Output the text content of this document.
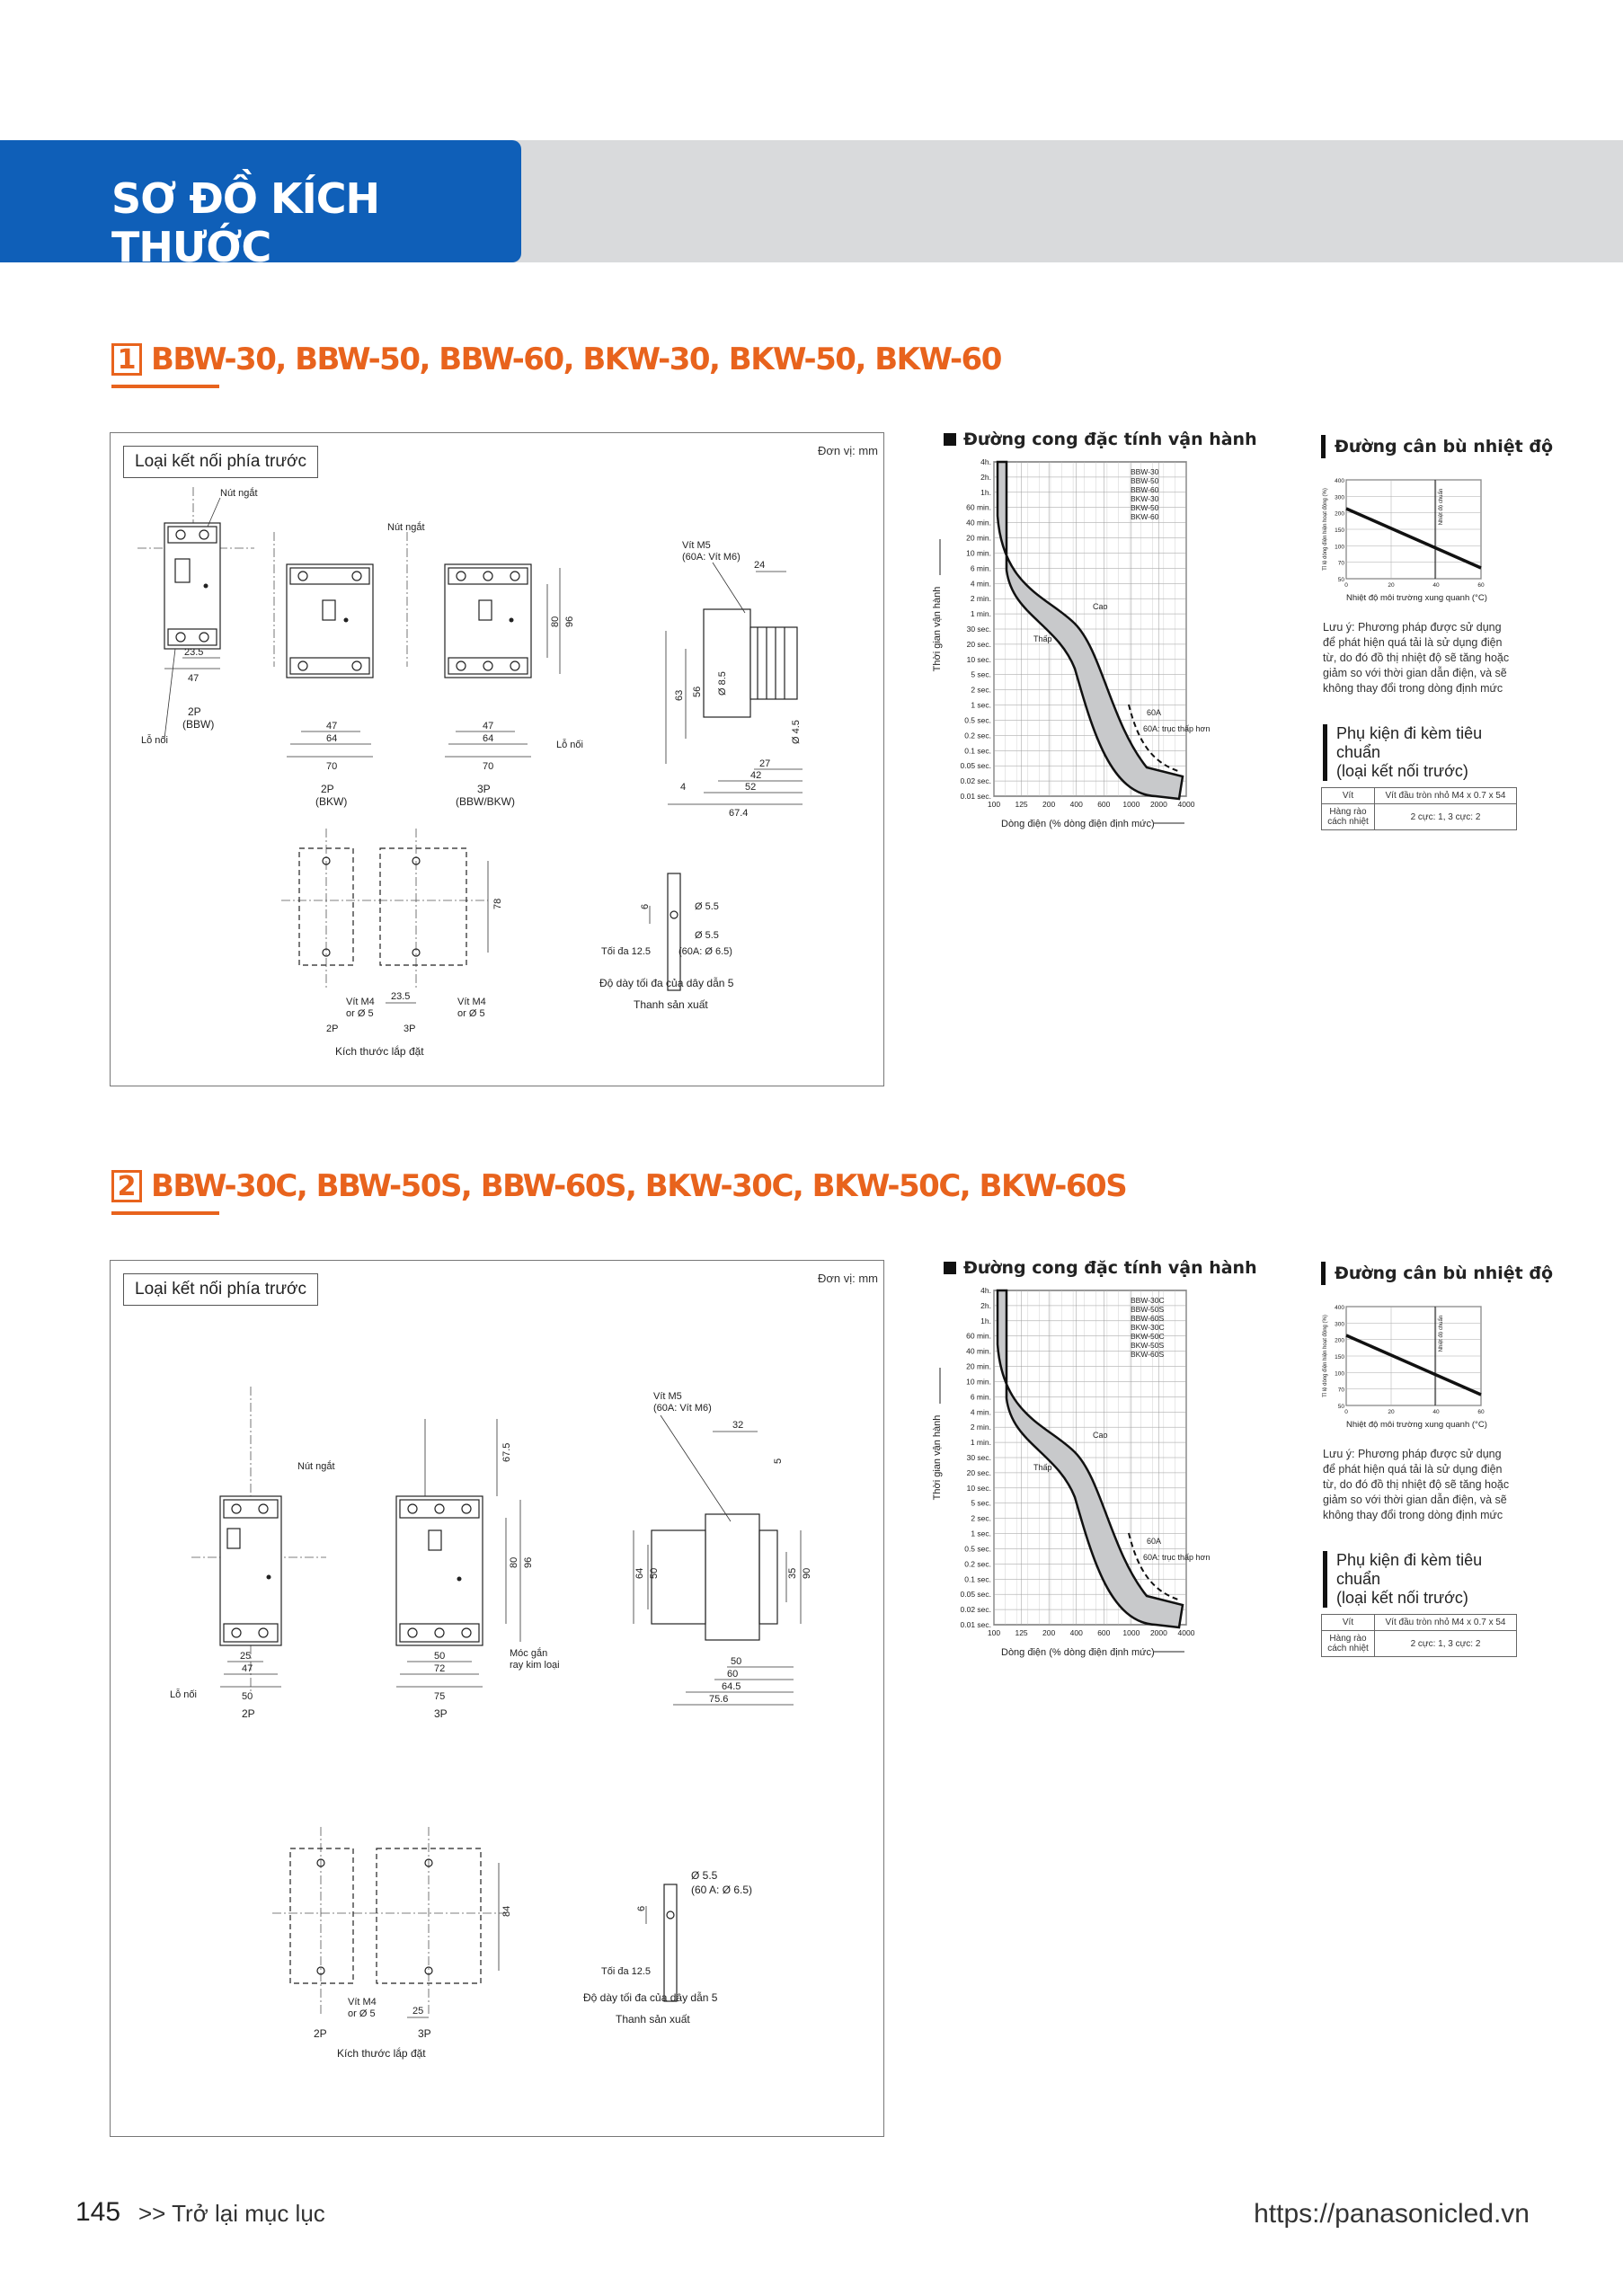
SƠ ĐỒ KÍCH THƯỚC
1 BBW-30, BBW-50, BBW-60, BKW-30, BKW-50, BKW-60
Loại kết nối phía trước
Đơn vị: mm
23.5
47
Nút ngắt
Lỗ nối
2P
(BBW)	47
64
70
Nút ngắt
2P
(BKW)
80 96
47
64
70
Lỗ nối
3P
(BBW/BKW)
63 56
24
Ø 8.5
Ø 4.5
27
42
52
4
67.4
Vít M5
(60A: Vít M6)
78
23.5
Vít M4
or Ø 5
Vít M4
or Ø 5
2P	3P
Kích thước lắp đặt
6	Ø 5.5
Ø 5.5
(60A: Ø 6.5)
Tối đa 12.5
Độ dày tối đa của dây dẫn 5
Thanh sản xuất
Đường cong đặc tính vận hành
4h.
2h.
1h.
60 min.
40 min.
20 min.
10 min.
6 min.
4 min.
2 min.
1 min.
30 sec.
20 sec.
10 sec.
5 sec.
2 sec.
1 sec.
0.5 sec.
0.2 sec.
0.1 sec.
0.05 sec.
0.02 sec.
0.01 sec.
100 125 200 400 600 1000 2000 4000
BBW-30
BBW-50
BBW-60
BKW-30
BKW-50
BKW-60
Cao
Thấp
60A
60A: trục thấp hơn
Thời gian vận hành
Dòng điện (% dòng điện định mức)
Đường cân bù nhiệt độ
400
300
200
150
100
70
50
0	20	40	60
Nhiệt độ chuẩn
Tỉ lệ dòng điện hiện hoạt động (%)
Nhiệt độ môi trường xung quanh (°C)
Lưu ý: Phương pháp được sử dụng để phát hiện quá tải là sử dụng điện từ, do đó đồ thị nhiệt độ sẽ tăng hoặc giảm so với thời gian dẫn điện, và sẽ không thay đổi trong dòng định mức
Phụ kiện đi kèm tiêu chuẩn
(loại kết nối trước)
Vít	Vít đầu tròn nhỏ M4 x 0.7 x 54
Hàng rào cách nhiệt	2 cực: 1, 3 cực: 2
2 BBW-30C, BBW-50S, BBW-60S, BKW-30C, BKW-50C, BKW-60S
Loại kết nối phía trước
Đơn vị: mm
25
47
50
Nút ngắt
Lỗ nối
2P
67.5
80 96
50
72
75
Móc gắn
ray kim loại
3P
32
5
64 50	35 90
50
60
64.5
75.6
Vít M5
(60A: Vít M6)
84
25
Vít M4
or Ø 5
2P	3P
Kích thước lắp đặt
6
Ø 5.5
(60 A: Ø 6.5)
Tối đa 12.5
Độ dày tối đa của dây dẫn 5
Thanh sản xuất
Đường cong đặc tính vận hành
4h.
2h.
1h.
60 min.
40 min.
20 min.
10 min.
6 min.
4 min.
2 min.
1 min.
30 sec.
20 sec.
10 sec.
5 sec.
2 sec.
1 sec.
0.5 sec.
0.2 sec.
0.1 sec.
0.05 sec.
0.02 sec.
0.01 sec.
100 125 200 400 600 1000 2000 4000
BBW-30C
BBW-50S
BBW-60S
BKW-30C
BKW-50C
BKW-50S
BKW-60S
Cao
Thấp
60A
60A: trục thấp hơn
Thời gian vận hành
Dòng điện (% dòng điện định mức)
Đường cân bù nhiệt độ
400
300
200
150
100
70
50
0	20	40	60
Nhiệt độ chuẩn
Tỉ lệ dòng điện hiện hoạt động (%)
Nhiệt độ môi trường xung quanh (°C)
Lưu ý: Phương pháp được sử dụng để phát hiện quá tải là sử dụng điện từ, do đó đồ thị nhiệt độ sẽ tăng hoặc giảm so với thời gian dẫn điện, và sẽ không thay đổi trong dòng định mức
Phụ kiện đi kèm tiêu chuẩn
(loại kết nối trước)
Vít	Vít đầu tròn nhỏ M4 x 0.7 x 54
Hàng rào cách nhiệt	2 cực: 1, 3 cực: 2
145 >> Trở lại mục lục	https://panasonicled.vn
